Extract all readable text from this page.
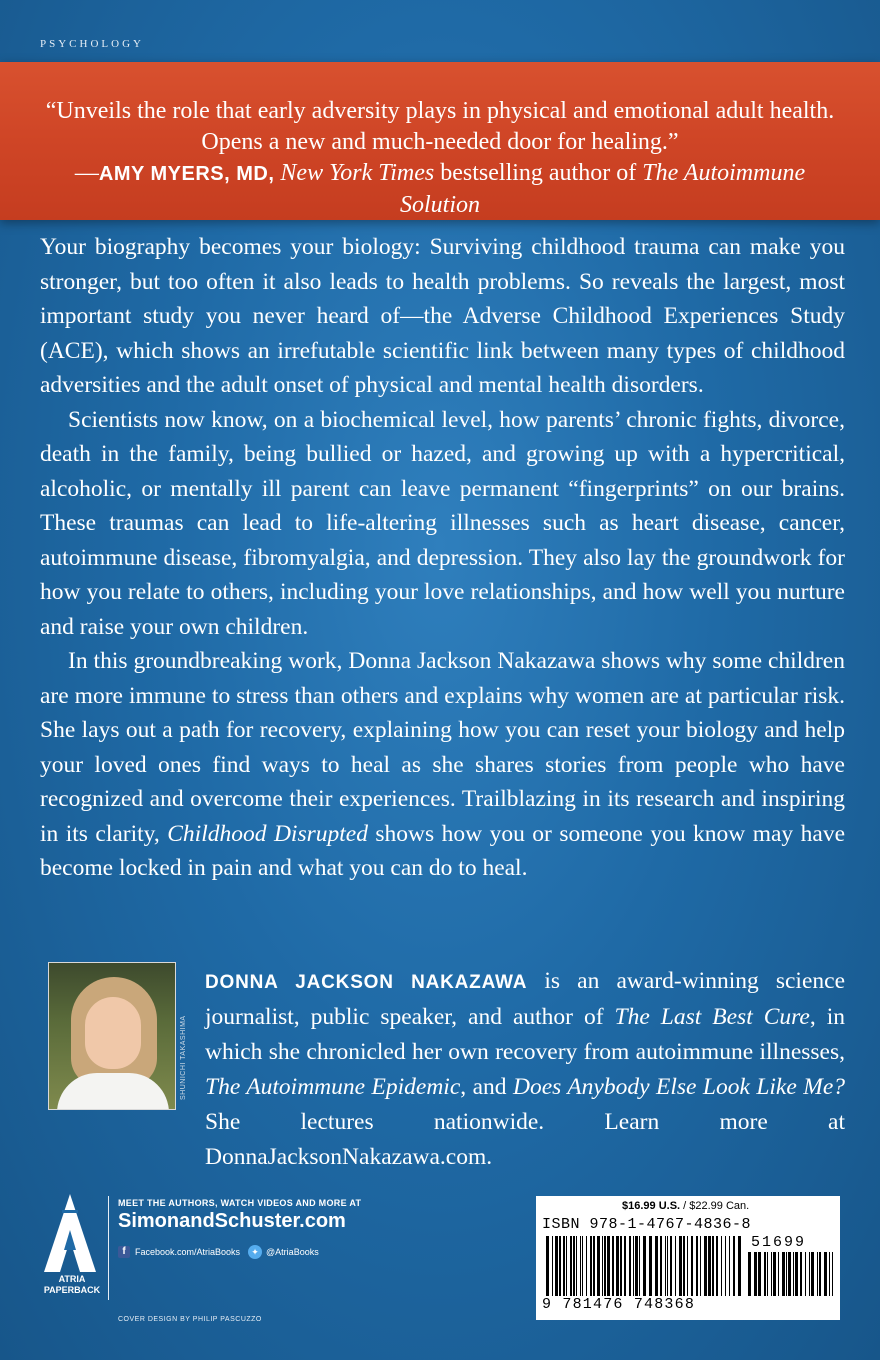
PSYCHOLOGY
“Unveils the role that early adversity plays in physical and emotional adult health. Opens a new and much-needed door for healing.”
—AMY MYERS, MD, New York Times bestselling author of The Autoimmune Solution

Your biography becomes your biology: Surviving childhood trauma can make you stronger, but too often it also leads to health problems. So reveals the largest, most important study you never heard of—the Adverse Childhood Experiences Study (ACE), which shows an irrefutable scientific link between many types of childhood adversities and the adult onset of physical and mental health disorders.

Scientists now know, on a biochemical level, how parents’ chronic fights, divorce, death in the family, being bullied or hazed, and growing up with a hypercritical, alcoholic, or mentally ill parent can leave permanent “fingerprints” on our brains. These traumas can lead to life-altering illnesses such as heart disease, cancer, autoimmune disease, fibromyalgia, and depression. They also lay the groundwork for how you relate to others, including your love relationships, and how well you nurture and raise your own children.

In this groundbreaking work, Donna Jackson Nakazawa shows why some children are more immune to stress than others and explains why women are at particular risk. She lays out a path for recovery, explaining how you can reset your biology and help your loved ones find ways to heal as she shares stories from people who have recognized and overcome their experiences. Trailblazing in its research and inspiring in its clarity, Childhood Disrupted shows how you or someone you know may have become locked in pain and what you can do to heal.

SHUNICHI TAKASHIMA
DONNA JACKSON NAKAZAWA is an award-winning science journalist, public speaker, and author of The Last Best Cure, in which she chronicled her own recovery from autoimmune illnesses, The Autoimmune Epidemic, and Does Anybody Else Look Like Me? She lectures nationwide. Learn more at DonnaJacksonNakazawa.com.
ATRIA
PAPERBACK
MEET THE AUTHORS, WATCH VIDEOS AND MORE AT
SimonandSchuster.com
f	Facebook.com/AtriaBooks	✦ @AtriaBooks
COVER DESIGN BY PHILIP PASCUZZO
$16.99 U.S. / $22.99 Can.
ISBN 978-1-4767-4836-8
51699
9 781476 748368
